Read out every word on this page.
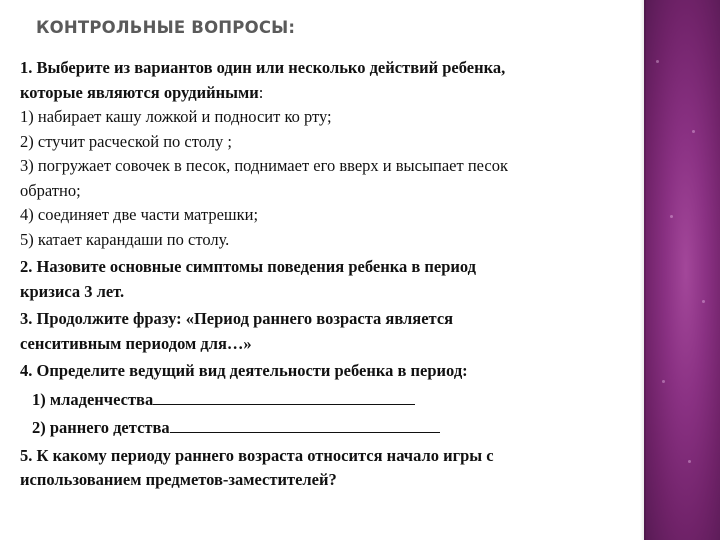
КОНТРОЛЬНЫЕ ВОПРОСЫ:
1. Выберите из вариантов один или несколько действий ребенка,
которые являются орудийными:
1) набирает кашу ложкой и подносит ко рту;
2) стучит расческой по столу ;
3) погружает совочек в песок, поднимает его вверх и высыпает песок
обратно;
4) соединяет две части матрешки;
5) катает карандаши по столу.
2. Назовите основные симптомы поведения ребенка в период
кризиса 3 лет.
3. Продолжите фразу: «Период раннего возраста является
сенситивным периодом для…»
4. Определите ведущий вид деятельности ребенка в период:
1) младенчества
2) раннего детства
5. К какому периоду раннего возраста относится начало игры с
использованием предметов-заместителей?
